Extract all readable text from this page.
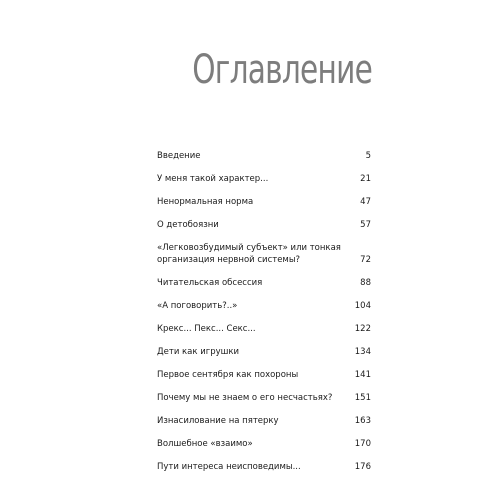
Оглавление
Введение	5
У меня такой характер...	21
Ненормальная норма	47
О детобоязни	57
«Легковозбудимый субъект» или тонкая
организация нервной системы?	72
Читательская обсессия	88
«А поговорить?..»	104
Крекс... Пекс... Секс...	122
Дети как игрушки	134
Первое сентября как похороны	141
Почему мы не знаем о его несчастьях?	151
Изнасилование на пятерку	163
Волшебное «взаимо»	170
Пути интереса неисповедимы...	176
